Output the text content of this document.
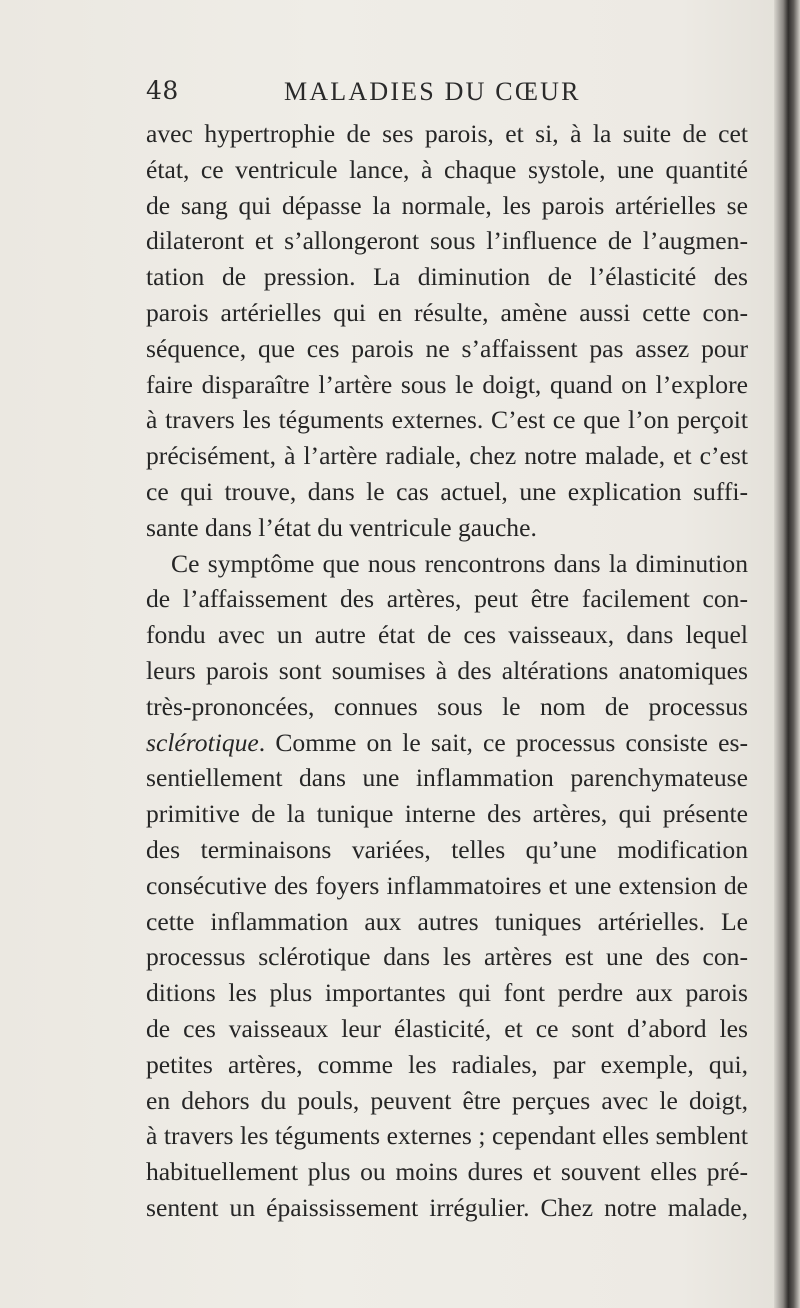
48	MALADIES DU CŒUR
avec hypertrophie de ses parois, et si, à la suite de cet
état, ce ventricule lance, à chaque systole, une quantité
de sang qui dépasse la normale, les parois artérielles se
dilateront et s’allongeront sous l’influence de l’augmen-
tation de pression. La diminution de l’élasticité des
parois artérielles qui en résulte, amène aussi cette con-
séquence, que ces parois ne s’affaissent pas assez pour
faire disparaître l’artère sous le doigt, quand on l’explore
à travers les téguments externes. C’est ce que l’on perçoit
précisément, à l’artère radiale, chez notre malade, et c’est
ce qui trouve, dans le cas actuel, une explication suffi-
sante dans l’état du ventricule gauche.
Ce symptôme que nous rencontrons dans la diminution
de l’affaissement des artères, peut être facilement con-
fondu avec un autre état de ces vaisseaux, dans lequel
leurs parois sont soumises à des altérations anatomiques
très-prononcées, connues sous le nom de processus
sclérotique. Comme on le sait, ce processus consiste es-
sentiellement dans une inflammation parenchymateuse
primitive de la tunique interne des artères, qui présente
des terminaisons variées, telles qu’une modification
consécutive des foyers inflammatoires et une extension de
cette inflammation aux autres tuniques artérielles. Le
processus sclérotique dans les artères est une des con-
ditions les plus importantes qui font perdre aux parois
de ces vaisseaux leur élasticité, et ce sont d’abord les
petites artères, comme les radiales, par exemple, qui,
en dehors du pouls, peuvent être perçues avec le doigt,
à travers les téguments externes ; cependant elles semblent
habituellement plus ou moins dures et souvent elles pré-
sentent un épaississement irrégulier. Chez notre malade,
